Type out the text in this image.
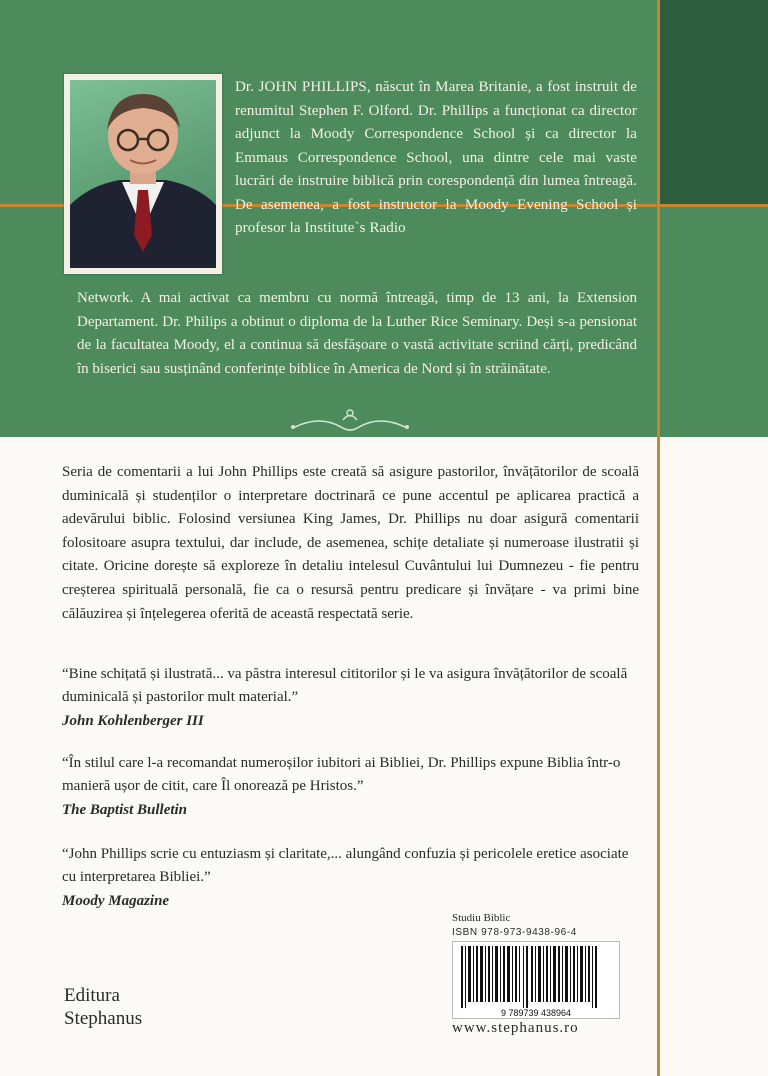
Dr. JOHN PHILLIPS, născut în Marea Britanie, a fost instruit de renumitul Stephen F. Olford. Dr. Phillips a funcționat ca director adjunct la Moody Correspondence School și ca director la Emmaus Correspondence School, una dintre cele mai vaste lucrări de instruire biblică prin corespondență din lumea întreagă. De asemenea, a fost instructor la Moody Evening School și profesor la Institute`s Radio
Network. A mai activat ca membru cu normă întreagă, timp de 13 ani, la Extension Departament. Dr. Philips a obtinut o diploma de la Luther Rice Seminary. Deși s-a pensionat de la facultatea Moody, el a continua să desfășoare o vastă activitate scriind cărți, predicând în biserici sau susținând conferințe biblice în America de Nord și în străinătate.
Seria de comentarii a lui John Phillips este creată să asigure pastorilor, învățătorilor de scoală duminicală și studenților o interpretare doctrinară ce pune accentul pe aplicarea practică a adevărului biblic. Folosind versiunea King James, Dr. Phillips nu doar asigură comentarii folositoare asupra textului, dar include, de asemenea, schițe detaliate și numeroase ilustratii și citate. Oricine dorește să exploreze în detaliu intelesul Cuvântului lui Dumnezeu - fie pentru creșterea spirituală personală, fie ca o resursă pentru predicare și învățare - va primi bine călăuzirea și înțelegerea oferită de această respectată serie.
“Bine schițată și ilustrată... va păstra interesul cititorilor și le va asigura învățătorilor de scoală duminicală și pastorilor mult material.”
John Kohlenberger III
“În stilul care l-a recomandat numeroșilor iubitori ai Bibliei, Dr. Phillips expune Biblia într-o manieră ușor de citit, care Îl onorează pe Hristos.”
The Baptist Bulletin
“John Phillips scrie cu entuziasm și claritate,... alungând confuzia și pericolele eretice asociate cu interpretarea Bibliei.”
Moody Magazine
Editura
Stephanus
Studiu Biblic
ISBN 978-973-9438-96-4
9 789739 438964
www.stephanus.ro
